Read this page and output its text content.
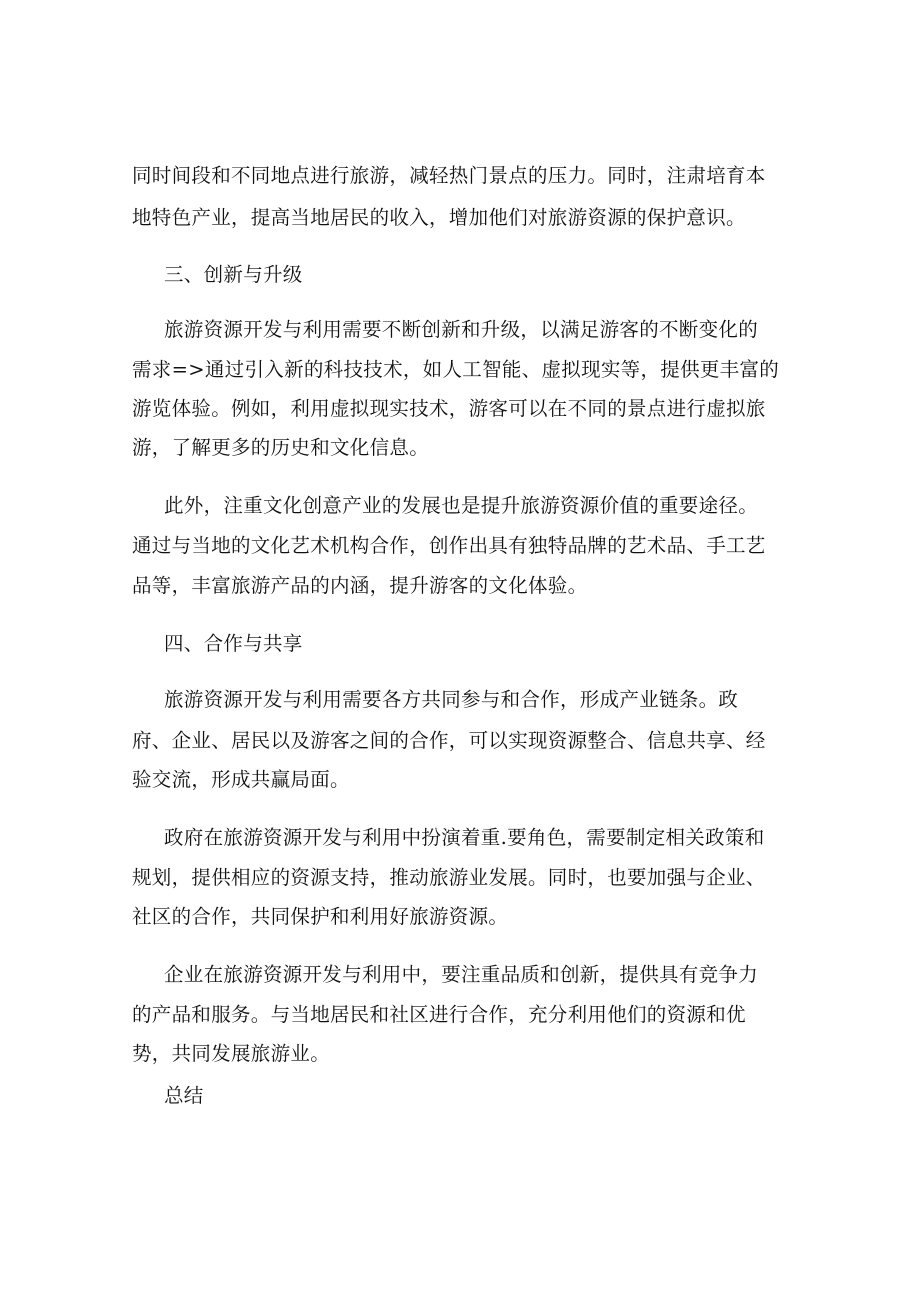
同时间段和不同地点进行旅游，减轻热门景点的压力。同时，注肃培育本
地特色产业，提高当地居民的收入，增加他们对旅游资源的保护意识。
三、创新与升级
旅游资源开发与利用需要不断创新和升级，以满足游客的不断变化的
需求=>通过引入新的科技技术，如人工智能、虚拟现实等，提供更丰富的
游览体验。例如，利用虚拟现实技术，游客可以在不同的景点进行虚拟旅
游，了解更多的历史和文化信息。
此外，注重文化创意产业的发展也是提升旅游资源价值的重要途径。
通过与当地的文化艺术机构合作，创作出具有独特品牌的艺术品、手工艺
品等，丰富旅游产品的内涵，提升游客的文化体验。
四、合作与共享
旅游资源开发与利用需要各方共同参与和合作，形成产业链条。政
府、企业、居民以及游客之间的合作，可以实现资源整合、信息共享、经
验交流，形成共赢局面。
政府在旅游资源开发与利用中扮演着重.要角色，需要制定相关政策和
规划，提供相应的资源支持，推动旅游业发展。同时，也要加强与企业、
社区的合作，共同保护和利用好旅游资源。
企业在旅游资源开发与利用中，要注重品质和创新，提供具有竞争力
的产品和服务。与当地居民和社区进行合作，充分利用他们的资源和优
势，共同发展旅游业。
总结
